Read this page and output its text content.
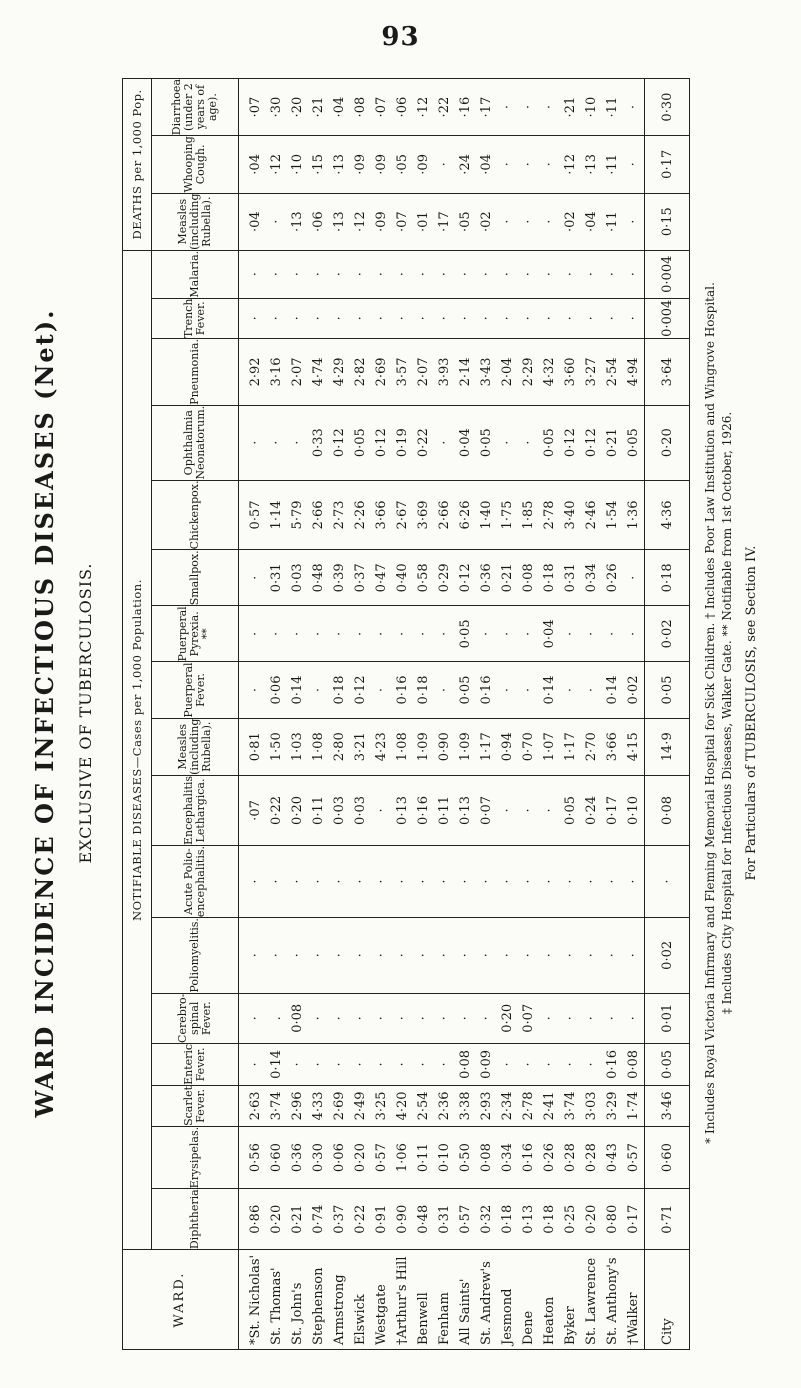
93
WARD INCIDENCE OF INFECTIOUS DISEASES (Net).	EXCLUSIVE OF TUBERCULOSIS.
WARD.	NOTIFIABLE DISEASES—Cases per 1,000 Population.																	DEATHS per 1,000 Pop.		
	Diphtheria	Erysipelas.	Scarlet Fever.	Enteric Fever.	Cerebro-spinal Fever.	Poliomyelitis.	Acute Polio-encephalitis.	Encephalitis Lethargica.	Measles (including Rubella).	Puerperal Fever.	Puerperal Pyrexia. **	Smallpox.	Chickenpox.	Ophthalmia Neonatorum.	Pneumonia.	Trench Fever.	Malaria.	Measles (including Rubella).	Whooping Cough.	Diarrhoea (under 2 years of age).
*St. Nicholas'	0·86	0·56	2·63	·	·	·	·	·07	0·81	·	·	·	0·57	·	2·92	·	·	·04	·04	·07
St. Thomas'	0·20	0·60	3·74	0·14	.	·	·	0·22	1·50	0·06	·	0·31	1·14	·	3·16	·	·	·	·12	·30
St. John's	0·21	0·36	2·96	·	0·08	·	·	0·20	1·03	0·14	·	0·03	5·79	·	2·07	·	·	·13	·10	·20
Stephenson	0·74	0·30	4·33	·	·	·	·	0·11	1·08	·	·	0·48	2·66	0·33	4·74	·	·	·06	·15	·21
Armstrong	0·37	0·06	2·69	·	·	·	·	0·03	2·80	0·18	·	0·39	2·73	0·12	4·29	·	·	·13	·13	·04
Elswick	0·22	0·20	2·49	·	·	·	·	0·03	3·21	0·12	·	0·37	2·26	0·05	2·82	·	·	·12	·09	·08
Westgate	0·91	0·57	3·25	·	·	·	·	·	4·23	·	·	0·47	3·66	0·12	2·69	·	·	·09	·09	·07
†Arthur's Hill	0·90	1·06	4·20	·	·	·	·	0·13	1·08	0·16	·	0·40	2·67	0·19	3·57	·	·	·07	·05	·06
Benwell	0·48	0·11	2·54	·	·	·	·	0·16	1·09	0·18	·	0·58	3·69	0·22	2·07	·	·	·01	·09	·12
Fenham	0·31	0·10	2·36	·	·	·	·	0·11	0·90	·	·	0·29	2·66	·	3·93	·	·	·17	·	·22
All Saints'	0·57	0·50	3·38	0·08	·	·	·	0·13	1·09	0·05	0·05	0·12	6·26	0·04	2·14	·	·	·05	·24	·16
St. Andrew's	0·32	0·08	2·93	0·09	·	·	·	0·07	1·17	0·16	·	0·36	1·40	0·05	3·43	·	·	·02	·04	·17
Jesmond	0·18	0·34	2·34	·	0·20	·	·	·	0·94	·	·	0·21	1·75	·	2·04	·	·	·	·	·
Dene	0·13	0·16	2·78	·	0·07	·	·	·	0·70	·	·	0·08	1·85	·	2·29	·	·	·	·	·
Heaton	0·18	0·26	2·41	·	·	·	·	·	1·07	0·14	0·04	0·18	2·78	0·05	4·32	·	·	·	·	·
Byker	0·25	0·28	3·74	·	·	·	·	0·05	1·17	·	·	0·31	3·40	0·12	3·60	·	·	·02	·12	·21
St. Lawrence	0·20	0·28	3·03	·	·	·	·	0·24	2·70	·	·	0·34	2·46	0·12	3·27	·	·	·04	·13	·10
St. Anthony's	0·80	0·43	3·29	0·16	·	·	·	0·17	3·66	0·14	·	0·26	1·54	0·21	2·54	·	·	·11	·11	·11
†Walker	0·17	0·57	1·74	0·08	·	·	·	0·10	4·15	0·02	·	·	1·36	0·05	4·94	·	·	·	·	·
City	0·71	0·60	3·46	0·05	0·01	0·02	·	0·08	14·9	0·05	0·02	0·18	4·36	0·20	3·64	0·004	0·004	0·15	0·17	0·30
* Includes Royal Victoria Infirmary and Fleming Memorial Hospital for Sick Children. † Includes Poor Law Institution and Wingrove Hospital. ‡ Includes City Hospital for Infectious Diseases, Walker Gate. ** Notifiable from 1st October, 1926. For Particulars of TUBERCULOSIS, see Section IV.
